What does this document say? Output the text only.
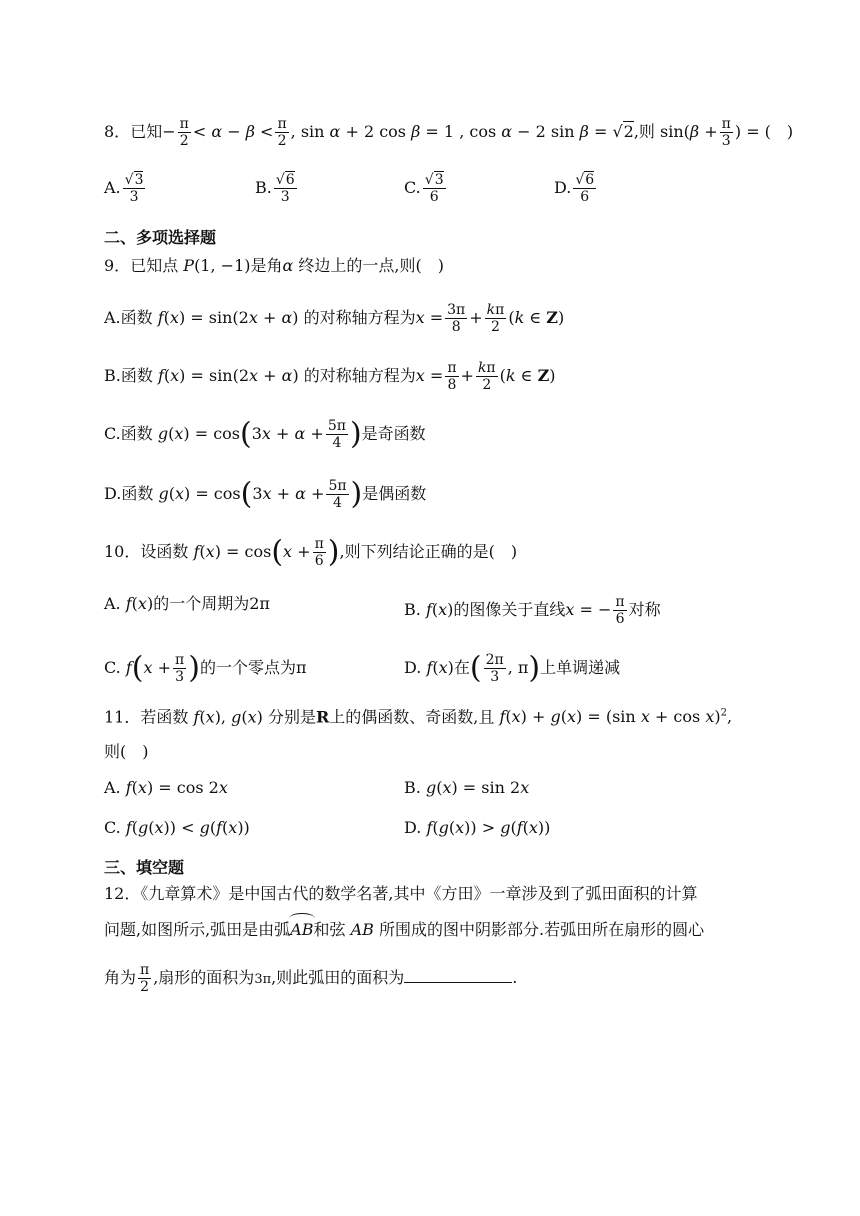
8．已知− $\frac{\pi}{2} < \alpha - \beta < \frac{\pi}{2}$ , sin α + 2 cos β = 1 , cos α − 2 sin β = √2,则 $\sin(\beta + \frac{\pi}{3}$ ) = (　)
A. $\frac{√3}{3}$	B. $\frac{√6}{3}$	C. $\frac{√3}{6}$	D. $\frac{√6}{6}$
二、多项选择题
9．已知点 P(1, −1)是角α 终边上的一点,则(　)
A.函数 f(x) = sin(2x + α) 的对称轴方程为$x = \frac{3\pi}{8} + \frac{k\pi}{2} (k$ ∈ Z)
B.函数 f(x) = sin(2x + α) 的对称轴方程为$x = \frac{\pi}{8} + \frac{k\pi}{2} (k$ ∈ Z)
C.函数 $g(x) = \cos(3x + \alpha + \frac{5\pi}{4}$ )是奇函数
D.函数 $g(x) = \cos(3x + \alpha + \frac{5\pi}{4}$ )是偶函数
10．设函数 $f(x) = \cos(x + \frac{\pi}{6}$ ),则下列结论正确的是(　)
A. f(x)的一个周期为2π	B. f(x)的图像关于直线x = − $\frac{\pi}{6}$ 对称
C. $f(x + \frac{\pi}{3}$ )的一个零点为π	D. f(x)在( $\frac{2\pi}{3}$ , π)上单调递减
11．若函数 f(x), g(x) 分别是R上的偶函数、奇函数,且 f(x) + g(x) = (sin x + cos x)$^2$,
则(　)
A. f(x) = cos 2x	B. g(x) = sin 2x
C. f(g(x)) < g(f(x))	D. f(g(x)) > g(f(x))
三、填空题
12．《九章算术》是中国古代的数学名著,其中《方田》一章涉及到了弧田面积的计算
问题,如图所示,弧田是由弧AB和弦 AB 所围成的图中阴影部分.若弧田所在扇形的圆心
角为 $\frac{\pi}{2}$ ,扇形的面积为3π,则此弧田的面积为	.
